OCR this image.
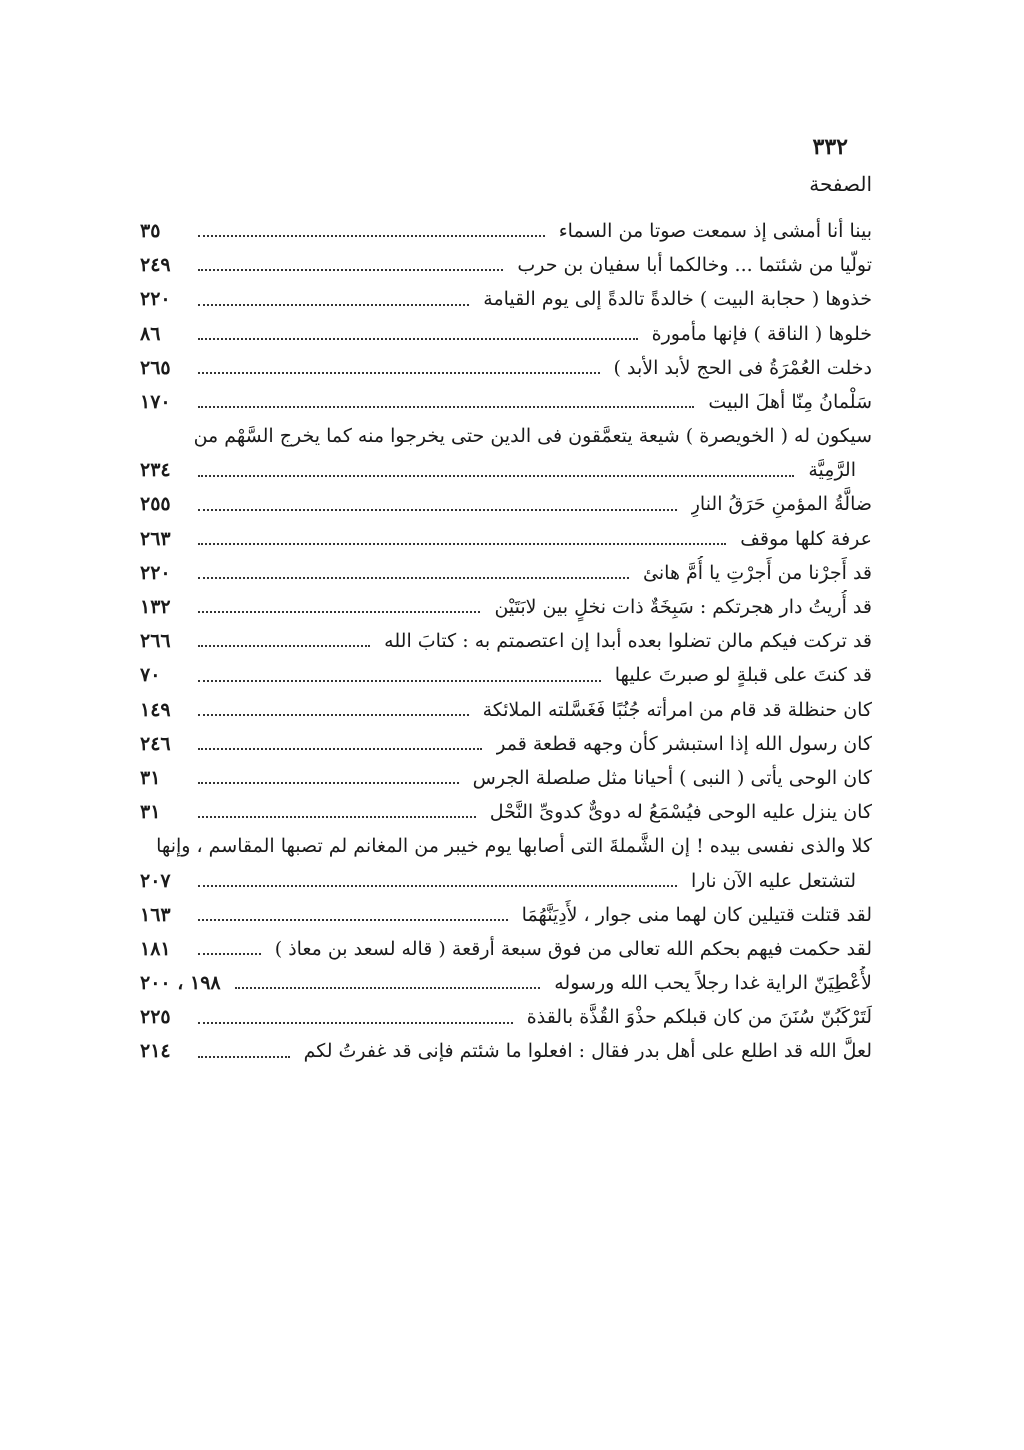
٣٣٢
الصفحة
بينا أنا أمشى إذ سمعت صوتا من السماء
٣٥
تولّيا من شئتما ... وخالكما أبا سفيان بن حرب
٢٤٩
خذوها ( حجابة البيت ) خالدةً تالدةً إلى يوم القيامة
٢٢٠
خلوها ( الناقة ) فإنها مأمورة
٨٦
دخلت العُمْرَةُ فى الحج لأبد الأبد )
٢٦٥
سَلْمانُ مِنّا أهلَ البيت
١٧٠
سيكون له ( الخويصرة ) شيعة يتعمَّقون فى الدين حتى يخرجوا منه كما يخرج السَّهْم من
الرَّمِيَّة
٢٣٤
ضالَّةُ المؤمنِ حَرَقُ النارِ
٢٥٥
عرفة كلها موقف
٢٦٣
قد أَجرْنا من أَجرْتِ يا أُمَّ هانئ
٢٢٠
قد أُريتُ دار هجرتكم : سَبِخَةٌ ذات نخلٍ بين لابَتَيْن
١٣٢
قد تركت فيكم مالن تضلوا بعده أبدا إن اعتصمتم به : كتابَ الله
٢٦٦
قد كنتَ على قبلةٍ لو صبرتَ عليها
٧٠
كان حنظلة قد قام من امرأته جُنُبًا فَغَسَّلته الملائكة
١٤٩
كان رسول الله إذا استبشر كأن وجهه قطعة قمر
٢٤٦
كان الوحى يأتى ( النبى ) أحيانا مثل صلصلة الجرس
٣١
كان ينزل عليه الوحى فيُسْمَعُ له دوىٌّ كدوىِّ النَّحْل
٣١
كلا والذى نفسى بيده ! إن الشَّملةَ التى أصابها يوم خيبر من المغانم لم تصبها المقاسم ، وإنها
لتشتعل عليه الآن نارا
٢٠٧
لقد قتلت قتيلين كان لهما منى جوار ، لأَدِيَنَّهُمَا
١٦٣
لقد حكمت فيهم بحكم الله تعالى من فوق سبعة أرقعة ( قاله لسعد بن معاذ )
١٨١
لأُعْطِيَنّ الراية غدا رجلاً يحب الله ورسوله
١٩٨ ، ٢٠٠
لَتَرْكَبُنّ سُنَنَ من كان قبلكم حذْوَ القُذَّة بالقذة
٢٢٥
لعلَّ الله قد اطلع على أهل بدر فقال : افعلوا ما شئتم فإنى قد غفرتُ لكم
٢١٤
